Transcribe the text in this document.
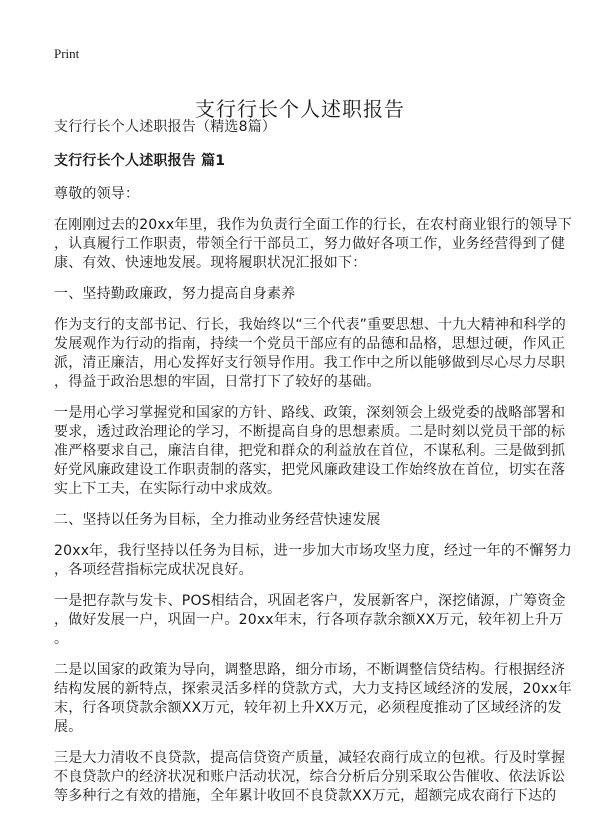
Print
支行行长个人述职报告
支行行长个人述职报告（精选8篇）
支行行长个人述职报告 篇1
尊敬的领导：
在刚刚过去的20xx年里，我作为负责行全面工作的行长，在农村商业银行的领导下
，认真履行工作职责，带领全行干部员工，努力做好各项工作，业务经营得到了健
康、有效、快速地发展。现将履职状况汇报如下：
一、坚持勤政廉政，努力提高自身素养
作为支行的支部书记、行长，我始终以“三个代表”重要思想、十九大精神和科学的
发展观作为行动的指南，持续一个党员干部应有的品德和品格，思想过硬，作风正
派，清正廉洁，用心发挥好支行领导作用。我工作中之所以能够做到尽心尽力尽职
，得益于政治思想的牢固，日常打下了较好的基础。
一是用心学习掌握党和国家的方针、路线、政策，深刻领会上级党委的战略部署和
要求，透过政治理论的学习，不断提高自身的思想素质。二是时刻以党员干部的标
准严格要求自己，廉洁自律，把党和群众的利益放在首位，不谋私利。三是做到抓
好党风廉政建设工作职责制的落实，把党风廉政建设工作始终放在首位，切实在落
实上下工夫，在实际行动中求成效。
二、坚持以任务为目标，全力推动业务经营快速发展
20xx年，我行坚持以任务为目标，进一步加大市场攻坚力度，经过一年的不懈努力
，各项经营指标完成状况良好。
一是把存款与发卡、POS相结合，巩固老客户，发展新客户，深挖储源，广筹资金
，做好发展一户，巩固一户。20xx年末，行各项存款余额XX万元，较年初上升万
。
二是以国家的政策为导向，调整思路，细分市场，不断调整信贷结构。行根据经济
结构发展的新特点，探索灵活多样的贷款方式，大力支持区域经济的发展，20xx年
末，行各项贷款余额XX万元，较年初上升XX万元，必须程度推动了区域经济的发
展。
三是大力清收不良贷款，提高信贷资产质量，减轻农商行成立的包袱。行及时掌握
不良贷款户的经济状况和账户活动状况，综合分析后分别采取公告催收、依法诉讼
等多种行之有效的措施，全年累计收回不良贷款XX万元，超额完成农商行下达的
